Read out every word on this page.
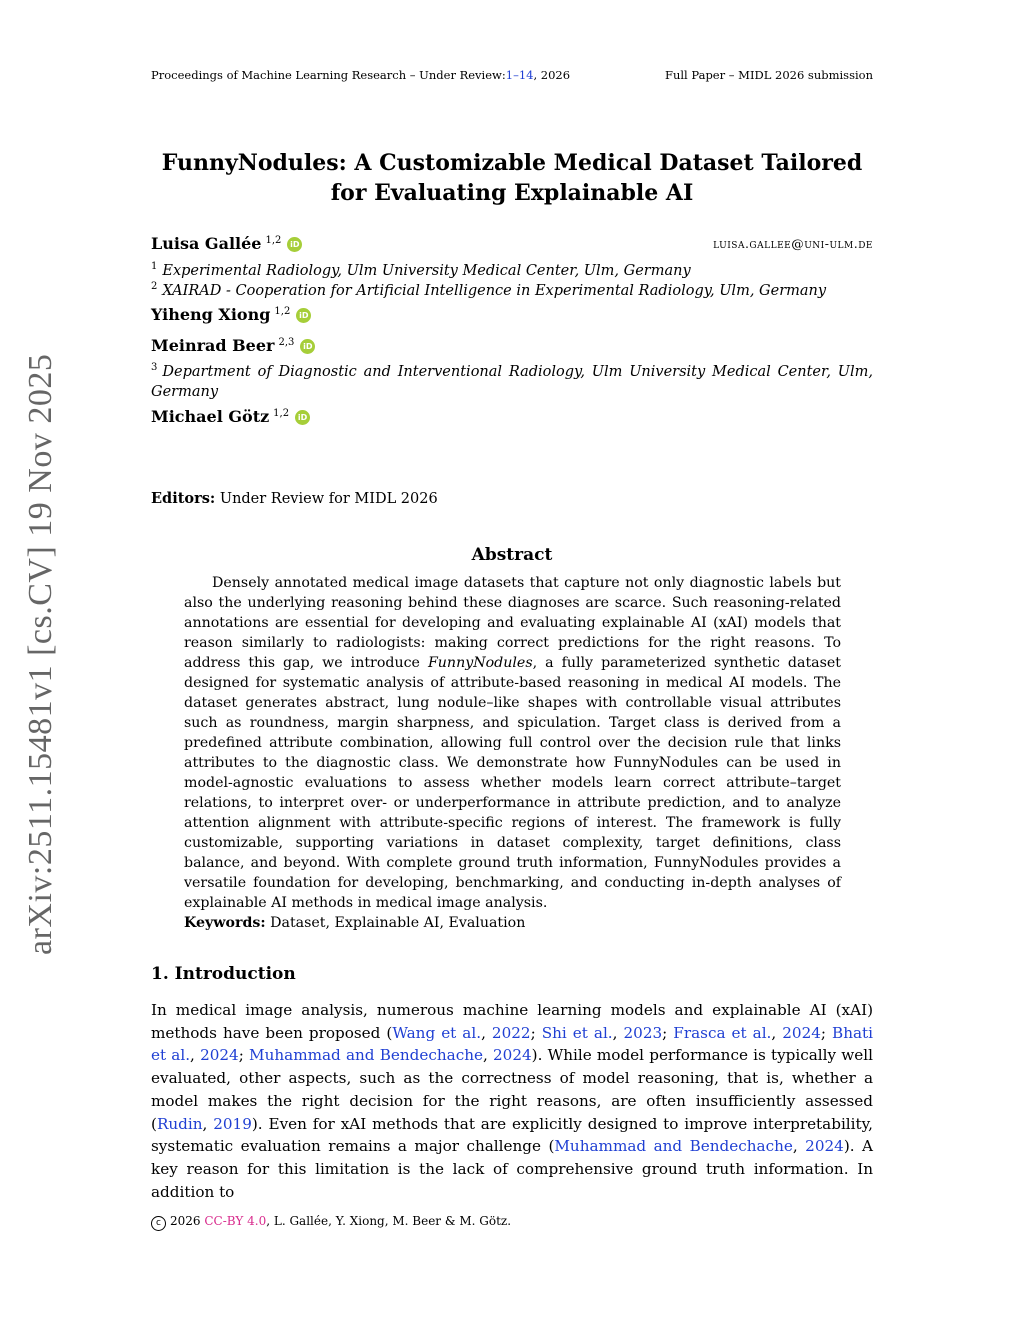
arXiv:2511.15481v1 [cs.CV] 19 Nov 2025
Proceedings of Machine Learning Research – Under Review:1–14, 2026	Full Paper – MIDL 2026 submission
FunnyNodules: A Customizable Medical Dataset Tailored
for Evaluating Explainable AI
Luisa Gallée $^{1,2}$ iD	luisa.gallee@uni-ulm.de
$^1$ Experimental Radiology, Ulm University Medical Center, Ulm, Germany
$^2$ XAIRAD - Cooperation for Artificial Intelligence in Experimental Radiology, Ulm, Germany
Yiheng Xiong $^{1,2}$ iD
Meinrad Beer $^{2,3}$ iD
$^3$ Department of Diagnostic and Interventional Radiology, Ulm University Medical Center, Ulm, Germany
Michael Götz $^{1,2}$ iD
Editors: Under Review for MIDL 2026
Abstract

Densely annotated medical image datasets that capture not only diagnostic labels but also the underlying reasoning behind these diagnoses are scarce. Such reasoning-related annotations are essential for developing and evaluating explainable AI (xAI) models that reason similarly to radiologists: making correct predictions for the right reasons. To address this gap, we introduce FunnyNodules, a fully parameterized synthetic dataset designed for systematic analysis of attribute-based reasoning in medical AI models. The dataset generates abstract, lung nodule–like shapes with controllable visual attributes such as roundness, margin sharpness, and spiculation. Target class is derived from a predefined attribute combination, allowing full control over the decision rule that links attributes to the diagnostic class. We demonstrate how FunnyNodules can be used in model-agnostic evaluations to assess whether models learn correct attribute–target relations, to interpret over- or underperformance in attribute prediction, and to analyze attention alignment with attribute-specific regions of interest. The framework is fully customizable, supporting variations in dataset complexity, target definitions, class balance, and beyond. With complete ground truth information, FunnyNodules provides a versatile foundation for developing, benchmarking, and conducting in-depth analyses of explainable AI methods in medical image analysis.

Keywords: Dataset, Explainable AI, Evaluation
1. Introduction

In medical image analysis, numerous machine learning models and explainable AI (xAI) methods have been proposed (Wang et al., 2022; Shi et al., 2023; Frasca et al., 2024; Bhati et al., 2024; Muhammad and Bendechache, 2024). While model performance is typically well evaluated, other aspects, such as the correctness of model reasoning, that is, whether a model makes the right decision for the right reasons, are often insufficiently assessed (Rudin, 2019). Even for xAI methods that are explicitly designed to improve interpretability, systematic evaluation remains a major challenge (Muhammad and Bendechache, 2024). A key reason for this limitation is the lack of comprehensive ground truth information. In addition to

c 2026 CC-BY 4.0, L. Gallée, Y. Xiong, M. Beer & M. Götz.
